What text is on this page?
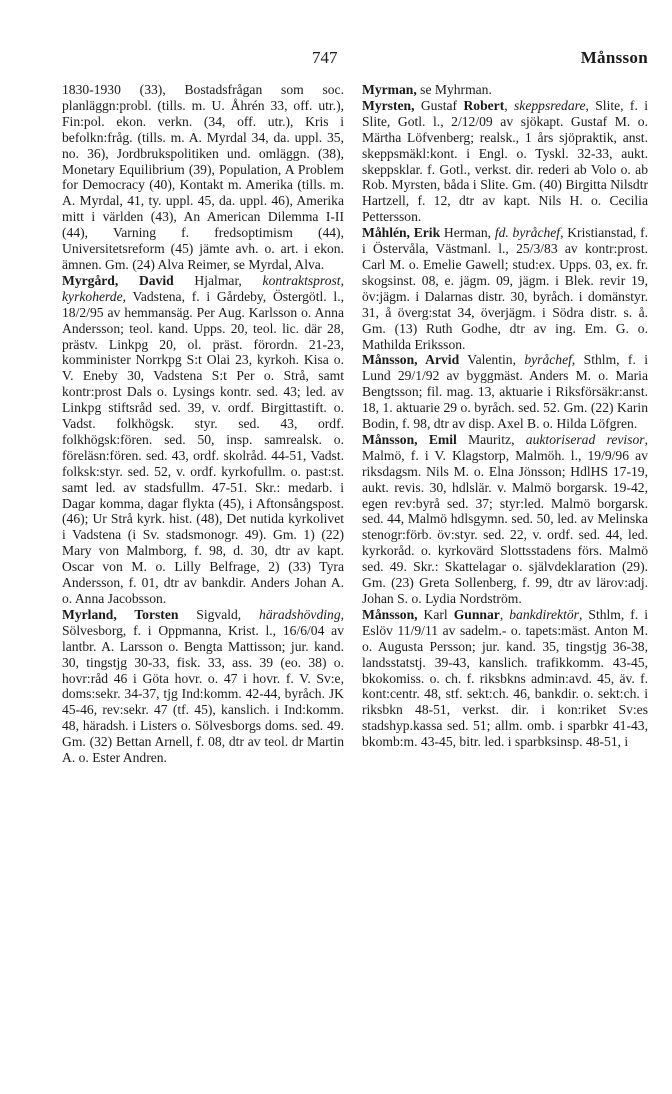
747	Månsson

1830-1930 (33), Bostadsfrågan som soc. planläggn:probl. (tills. m. U. Åhrén 33, off. utr.), Fin:pol. ekon. verkn. (34, off. utr.), Kris i befolkn:fråg. (tills. m. A. Myrdal 34, da. uppl. 35, no. 36), Jordbrukspolitiken und. omläggn. (38), Monetary Equilibrium (39), Population, A Problem for Democracy (40), Kontakt m. Amerika (tills. m. A. Myrdal, 41, ty. uppl. 45, da. uppl. 46), Amerika mitt i världen (43), An American Dilemma I-II (44), Varning f. fredsoptimism (44), Universitetsreform (45) jämte avh. o. art. i ekon. ämnen. Gm. (24) Alva Reimer, se Myrdal, Alva.

Myrgård, David Hjalmar, kontraktsprost, kyrkoherde, Vadstena, f. i Gårdeby, Östergötl. l., 18/2/95 av hemmansäg. Per Aug. Karlsson o. Anna Andersson; teol. kand. Upps. 20, teol. lic. där 28, prästv. Linkpg 20, ol. präst. förordn. 21-23, komminister Norrkpg S:t Olai 23, kyrkoh. Kisa o. V. Eneby 30, Vadstena S:t Per o. Strå, samt kontr:prost Dals o. Lysings kontr. sed. 43; led. av Linkpg stiftsråd sed. 39, v. ordf. Birgittastift. o. Vadst. folkhögsk. styr. sed. 43, ordf. folkhögsk:fören. sed. 50, insp. samrealsk. o. föreläsn:fören. sed. 43, ordf. skolråd. 44-51, Vadst. folksk:styr. sed. 52, v. ordf. kyrkofullm. o. past:st. samt led. av stadsfullm. 47-51. Skr.: medarb. i Dagar komma, dagar flykta (45), i Aftonsångspost. (46); Ur Strå kyrk. hist. (48), Det nutida kyrkolivet i Vadstena (i Sv. stadsmonogr. 49). Gm. 1) (22) Mary von Malmborg, f. 98, d. 30, dtr av kapt. Oscar von M. o. Lilly Belfrage, 2) (33) Tyra Andersson, f. 01, dtr av bankdir. Anders Johan A. o. Anna Jacobsson.

Myrland, Torsten Sigvald, häradshövding, Sölvesborg, f. i Oppmanna, Krist. l., 16/6/04 av lantbr. A. Larsson o. Bengta Mattisson; jur. kand. 30, tingstjg 30-33, fisk. 33, ass. 39 (eo. 38) o. hovr:råd 46 i Göta hovr. o. 47 i hovr. f. V. Sv:e, doms:sekr. 34-37, tjg Ind:komm. 42-44, byråch. JK 45-46, rev:sekr. 47 (tf. 45), kanslich. i Ind:komm. 48, häradsh. i Listers o. Sölvesborgs doms. sed. 49. Gm. (32) Bettan Arnell, f. 08, dtr av teol. dr Martin A. o. Ester Andren.

Myrman, se Myhrman.

Myrsten, Gustaf Robert, skeppsredare, Slite, f. i Slite, Gotl. l., 2/12/09 av sjökapt. Gustaf M. o. Märtha Löfvenberg; realsk., 1 års sjöpraktik, anst. skeppsmäkl:kont. i Engl. o. Tyskl. 32-33, aukt. skeppsklar. f. Gotl., verkst. dir. rederi ab Volo o. ab Rob. Myrsten, båda i Slite. Gm. (40) Birgitta Nilsdtr Hartzell, f. 12, dtr av kapt. Nils H. o. Cecilia Pettersson.

Måhlén, Erik Herman, fd. byråchef, Kristianstad, f. i Östervåla, Västmanl. l., 25/3/83 av kontr:prost. Carl M. o. Emelie Gawell; stud:ex. Upps. 03, ex. fr. skogsinst. 08, e. jägm. 09, jägm. i Blek. revir 19, öv:jägm. i Dalarnas distr. 30, byråch. i domänstyr. 31, å överg:stat 34, överjägm. i Södra distr. s. å. Gm. (13) Ruth Godhe, dtr av ing. Em. G. o. Mathilda Eriksson.

Månsson, Arvid Valentin, byråchef, Sthlm, f. i Lund 29/1/92 av byggmäst. Anders M. o. Maria Bengtsson; fil. mag. 13, aktuarie i Riksförsäkr:anst. 18, 1. aktuarie 29 o. byråch. sed. 52. Gm. (22) Karin Bodin, f. 98, dtr av disp. Axel B. o. Hilda Löfgren.

Månsson, Emil Mauritz, auktoriserad revisor, Malmö, f. i V. Klagstorp, Malmöh. l., 19/9/96 av riksdagsm. Nils M. o. Elna Jönsson; HdlHS 17-19, aukt. revis. 30, hdlslär. v. Malmö borgarsk. 19-42, egen rev:byrå sed. 37; styr:led. Malmö borgarsk. sed. 44, Malmö hdlsgymn. sed. 50, led. av Melinska stenogr:förb. öv:styr. sed. 22, v. ordf. sed. 44, led. kyrkoråd. o. kyrkovärd Slottsstadens förs. Malmö sed. 49. Skr.: Skattelagar o. självdeklaration (29). Gm. (23) Greta Sollenberg, f. 99, dtr av lärov:adj. Johan S. o. Lydia Nordström.

Månsson, Karl Gunnar, bankdirektör, Sthlm, f. i Eslöv 11/9/11 av sadelm.- o. tapets:mäst. Anton M. o. Augusta Persson; jur. kand. 35, tingstjg 36-38, landsstatstj. 39-43, kanslich. trafikkomm. 43-45, bkokomiss. o. ch. f. riksbkns admin:avd. 45, äv. f. kont:centr. 48, stf. sekt:ch. 46, bankdir. o. sekt:ch. i riksbkn 48-51, verkst. dir. i kon:riket Sv:es stadshyp.kassa sed. 51; allm. omb. i sparbkr 41-43, bkomb:m. 43-45, bitr. led. i sparbksinsp. 48-51, i
